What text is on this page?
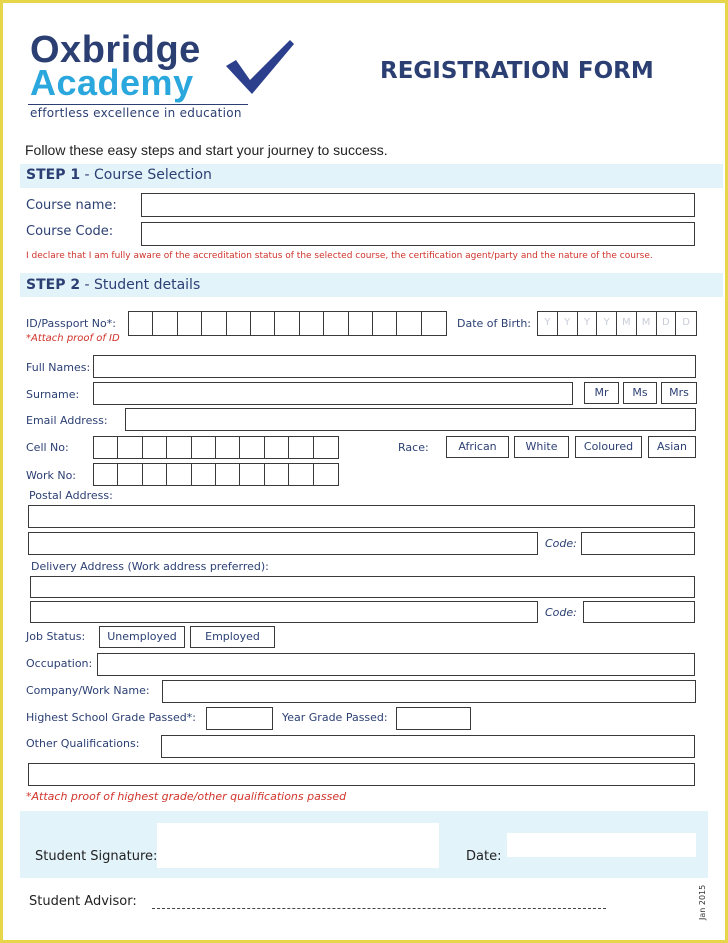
Oxbridge
Academy
effortless excellence in education
REGISTRATION FORM
Follow these easy steps and start your journey to success.
STEP 1 - Course Selection
Course name:
Course Code:
I declare that I am fully aware of the accreditation status of the selected course, the certification agent/party and the nature of the course.
STEP 2 - Student details
ID/Passport No*:
*Attach proof of ID
Date of Birth:	Y	Y	Y	Y	M	M	D	D
Full Names:
Surname:	Mr	Ms	Mrs
Email Address:
Cell No:	Race:	African	White	Coloured	Asian
Work No:
Postal Address:
Code:
Delivery Address (Work address preferred):
Code:
Job Status:	Unemployed	Employed
Occupation:
Company/Work Name:
Highest School Grade Passed*:	Year Grade Passed:
Other Qualifications:
*Attach proof of highest grade/other qualifications passed
Student Signature:	Date:
Student Advisor:	Jan 2015
